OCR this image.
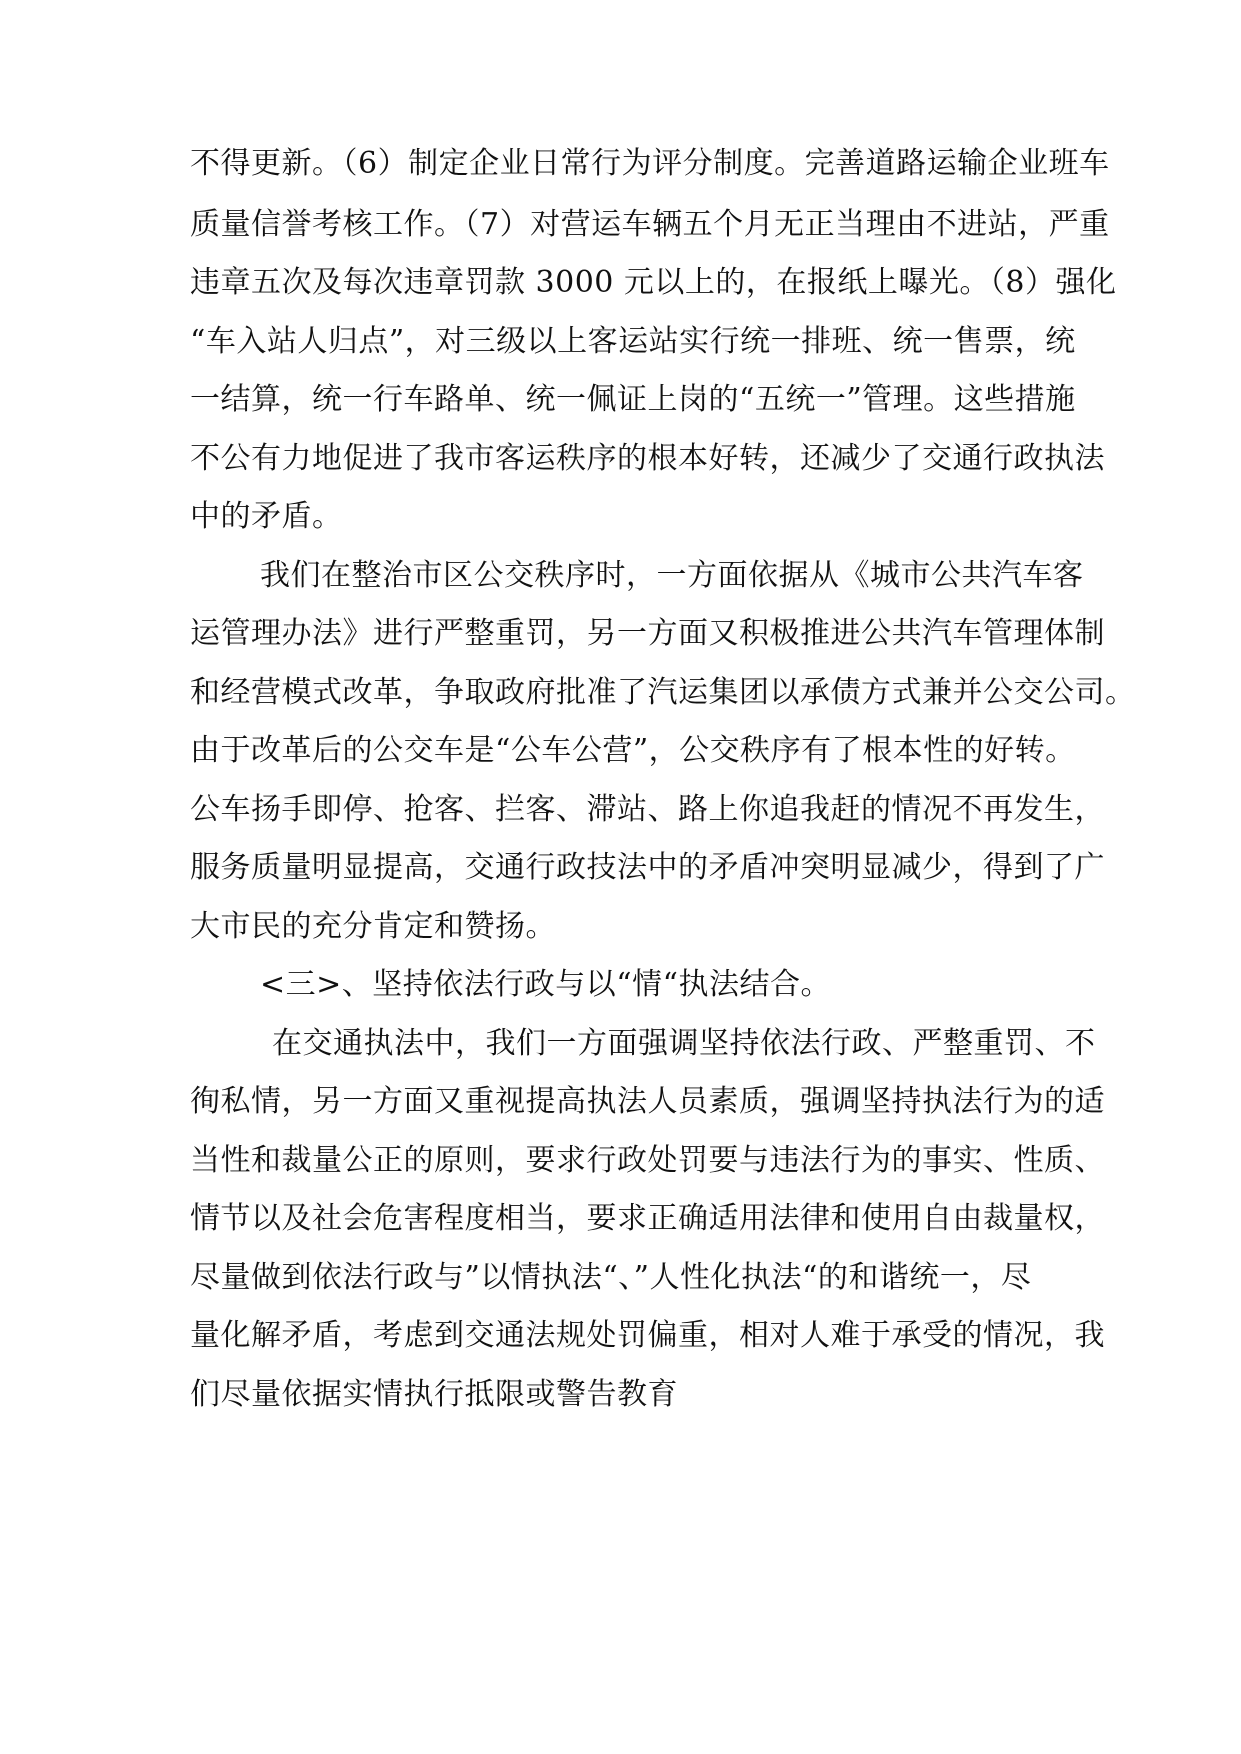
不得更新。（6）制定企业日常行为评分制度。完善道路运输企业班车
质量信誉考核工作。（7）对营运车辆五个月无正当理由不进站，严重
违章五次及每次违章罚款 3000 元以上的，在报纸上曝光。（8）强化
“车入站人归点”，对三级以上客运站实行统一排班、统一售票，统
一结算，统一行车路单、统一佩证上岗的“五统一”管理。这些措施
不公有力地促进了我市客运秩序的根本好转，还减少了交通行政执法
中的矛盾。
我们在整治市区公交秩序时，一方面依据从《城市公共汽车客
运管理办法》进行严整重罚，另一方面又积极推进公共汽车管理体制
和经营模式改革，争取政府批准了汽运集团以承债方式兼并公交公司。
由于改革后的公交车是“公车公营”，公交秩序有了根本性的好转。
公车扬手即停、抢客、拦客、滞站、路上你追我赶的情况不再发生，
服务质量明显提高，交通行政技法中的矛盾冲突明显减少，得到了广
大市民的充分肯定和赞扬。
<三>、坚持依法行政与以“情“执法结合。
在交通执法中，我们一方面强调坚持依法行政、严整重罚、不
徇私情，另一方面又重视提高执法人员素质，强调坚持执法行为的适
当性和裁量公正的原则，要求行政处罚要与违法行为的事实、性质、
情节以及社会危害程度相当，要求正确适用法律和使用自由裁量权，
尽量做到依法行政与”以情执法“、”人性化执法“的和谐统一，尽
量化解矛盾，考虑到交通法规处罚偏重，相对人难于承受的情况，我
们尽量依据实情执行抵限或警告教育
